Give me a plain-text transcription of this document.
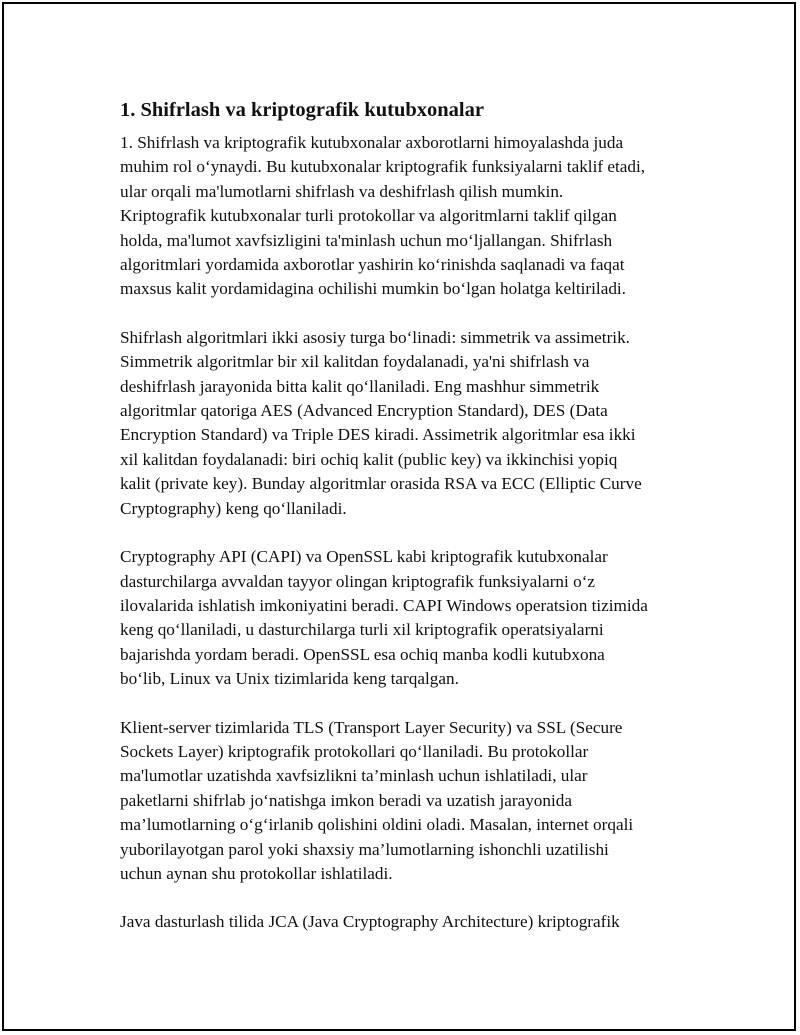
1. Shifrlash va kriptografik kutubxonalar
1. Shifrlash va kriptografik kutubxonalar axborotlarni himoyalashda juda
muhim rol o‘ynaydi. Bu kutubxonalar kriptografik funksiyalarni taklif etadi,
ular orqali ma'lumotlarni shifrlash va deshifrlash qilish mumkin.
Kriptografik kutubxonalar turli protokollar va algoritmlarni taklif qilgan
holda, ma'lumot xavfsizligini ta'minlash uchun mo‘ljallangan. Shifrlash
algoritmlari yordamida axborotlar yashirin ko‘rinishda saqlanadi va faqat
maxsus kalit yordamidagina ochilishi mumkin bo‘lgan holatga keltiriladi.
Shifrlash algoritmlari ikki asosiy turga bo‘linadi: simmetrik va assimetrik.
Simmetrik algoritmlar bir xil kalitdan foydalanadi, ya'ni shifrlash va
deshifrlash jarayonida bitta kalit qo‘llaniladi. Eng mashhur simmetrik
algoritmlar qatoriga AES (Advanced Encryption Standard), DES (Data
Encryption Standard) va Triple DES kiradi. Assimetrik algoritmlar esa ikki
xil kalitdan foydalanadi: biri ochiq kalit (public key) va ikkinchisi yopiq
kalit (private key). Bunday algoritmlar orasida RSA va ECC (Elliptic Curve
Cryptography) keng qo‘llaniladi.
Cryptography API (CAPI) va OpenSSL kabi kriptografik kutubxonalar
dasturchilarga avvaldan tayyor olingan kriptografik funksiyalarni o‘z
ilovalarida ishlatish imkoniyatini beradi. CAPI Windows operatsion tizimida
keng qo‘llaniladi, u dasturchilarga turli xil kriptografik operatsiyalarni
bajarishda yordam beradi. OpenSSL esa ochiq manba kodli kutubxona
bo‘lib, Linux va Unix tizimlarida keng tarqalgan.
Klient-server tizimlarida TLS (Transport Layer Security) va SSL (Secure
Sockets Layer) kriptografik protokollari qo‘llaniladi. Bu protokollar
ma'lumotlar uzatishda xavfsizlikni ta’minlash uchun ishlatiladi, ular
paketlarni shifrlab jo‘natishga imkon beradi va uzatish jarayonida
ma’lumotlarning o‘g‘irlanib qolishini oldini oladi. Masalan, internet orqali
yuborilayotgan parol yoki shaxsiy ma’lumotlarning ishonchli uzatilishi
uchun aynan shu protokollar ishlatiladi.
Java dasturlash tilida JCA (Java Cryptography Architecture) kriptografik
